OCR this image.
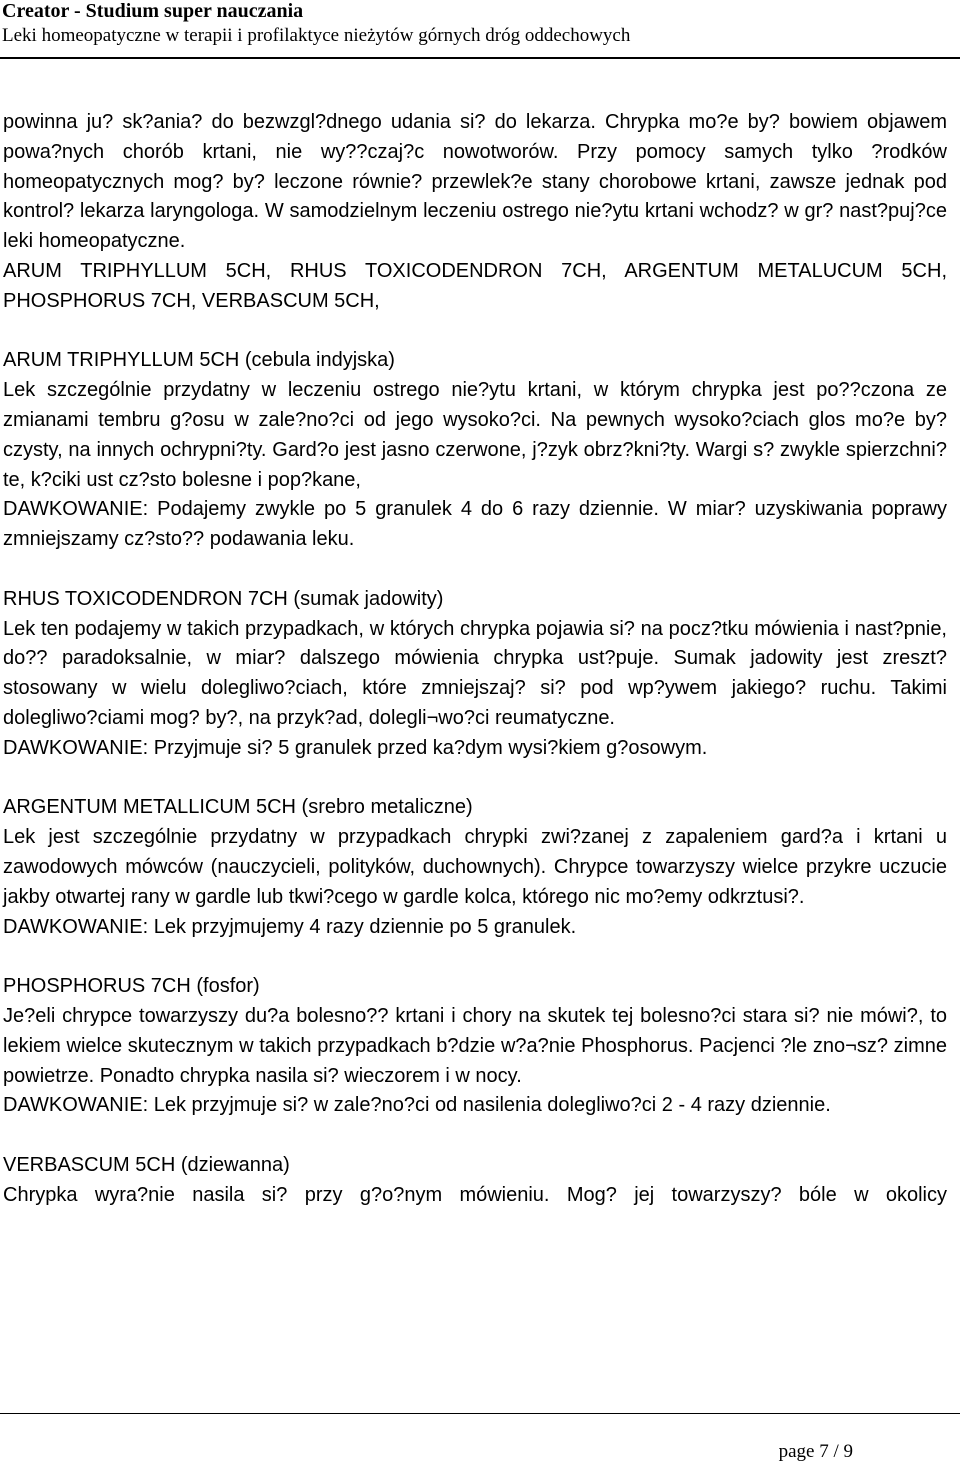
Creator - Studium super nauczania
Leki homeopatyczne w terapii i profilaktyce nieżytów górnych dróg oddechowych

powinna ju? sk?ania? do bezwzgl?dnego udania si? do lekarza. Chrypka mo?e by? bowiem objawem powa?nych chorób krtani, nie wy??czaj?c nowotworów. Przy pomocy samych tylko ?rodków homeopatycznych mog? by? leczone równie? przewlek?e stany chorobowe krtani, zawsze jednak pod kontrol? lekarza laryngologa. W samodzielnym leczeniu ostrego nie?ytu krtani wchodz? w gr? nast?puj?ce leki homeopatyczne.

ARUM TRIPHYLLUM 5CH, RHUS TOXICODENDRON 7CH, ARGENTUM METALUCUM 5CH, PHOSPHORUS 7CH, VERBASCUM 5CH,

ARUM TRIPHYLLUM 5CH (cebula indyjska)

Lek szczególnie przydatny w leczeniu ostrego nie?ytu krtani, w którym chrypka jest po??czona ze zmianami tembru g?osu w zale?no?ci od jego wysoko?ci. Na pewnych wysoko?ciach glos mo?e by? czysty, na innych ochrypni?ty. Gard?o jest jasno czerwone, j?zyk obrz?kni?ty. Wargi s? zwykle spierzchni?te, k?ciki ust cz?sto bolesne i pop?kane,

DAWKOWANIE: Podajemy zwykle po 5 granulek 4 do 6 razy dziennie. W miar? uzyskiwania poprawy zmniejszamy cz?sto?? podawania leku.

RHUS TOXICODENDRON 7CH (sumak jadowity)

Lek ten podajemy w takich przypadkach, w których chrypka pojawia si? na pocz?tku mówienia i nast?pnie, do?? paradoksalnie, w miar? dalszego mówienia chrypka ust?puje. Sumak jadowity jest zreszt? stosowany w wielu dolegliwo?ciach, które zmniejszaj? si? pod wp?ywem jakiego? ruchu. Takimi dolegliwo?ciami mog? by?, na przyk?ad, dolegli¬wo?ci reumatyczne.

DAWKOWANIE: Przyjmuje si? 5 granulek przed ka?dym wysi?kiem g?osowym.

ARGENTUM METALLICUM 5CH (srebro metaliczne)

Lek jest szczególnie przydatny w przypadkach chrypki zwi?zanej z zapaleniem gard?a i krtani u zawodowych mówców (nauczycieli, polityków, duchownych). Chrypce towarzyszy wielce przykre uczucie jakby otwartej rany w gardle lub tkwi?cego w gardle kolca, którego nic mo?emy odkrztusi?.

DAWKOWANIE: Lek przyjmujemy 4 razy dziennie po 5 granulek.

PHOSPHORUS 7CH (fosfor)

Je?eli chrypce towarzyszy du?a bolesno?? krtani i chory na skutek tej bolesno?ci stara si? nie mówi?, to lekiem wielce skutecznym w takich przypadkach b?dzie w?a?nie Phosphorus. Pacjenci ?le zno¬sz? zimne powietrze. Ponadto chrypka nasila si? wieczorem i w nocy.

DAWKOWANIE: Lek przyjmuje si? w zale?no?ci od nasilenia dolegliwo?ci 2 - 4 razy dziennie.

VERBASCUM 5CH (dziewanna)

Chrypka wyra?nie nasila si? przy g?o?nym mówieniu. Mog? jej towarzyszy? bóle w okolicy

page 7 / 9
